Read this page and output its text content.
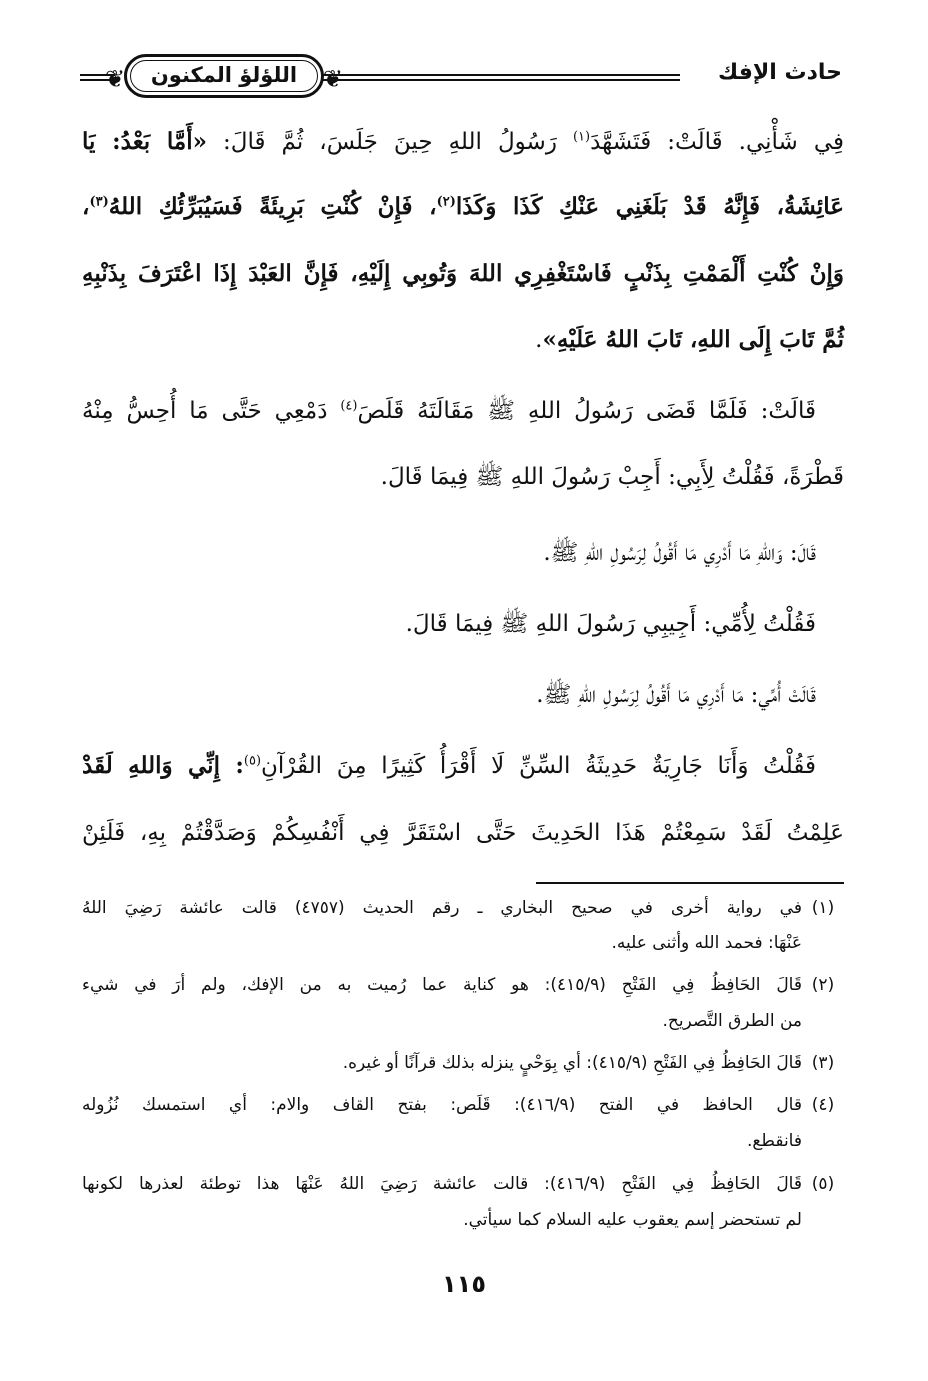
حادث الإفك
❦
اللؤلؤ المكنون
❦
فِي شَأْنِي. قَالَتْ: فَتَشَهَّدَ$^{(١)}$ رَسُولُ اللهِ حِينَ جَلَسَ، ثُمَّ قَالَ: «أَمَّا بَعْدُ: يَا
عَائِشَةُ، فَإِنَّهُ قَدْ بَلَغَنِي عَنْكِ كَذَا وَكَذَا$^{(٢)}$، فَإِنْ كُنْتِ بَرِيئَةً فَسَيُبَرِّئُكِ اللهُ$^{(٣)}$،
وَإِنْ كُنْتِ أَلْمَمْتِ بِذَنْبٍ فَاسْتَغْفِرِي اللهَ وَتُوبِي إِلَيْهِ، فَإِنَّ العَبْدَ إِذَا اعْتَرَفَ بِذَنْبِهِ
ثُمَّ تَابَ إِلَى اللهِ، تَابَ اللهُ عَلَيْهِ».
قَالَتْ: فَلَمَّا قَضَى رَسُولُ اللهِ ﷺ مَقَالَتَهُ قَلَصَ$^{(٤)}$ دَمْعِي حَتَّى مَا أُحِسُّ مِنْهُ
قَطْرَةً، فَقُلْتُ لِأَبِي: أَجِبْ رَسُولَ اللهِ ﷺ فِيمَا قَالَ.
قَالَ: وَاللهِ مَا أَدْرِي مَا أَقُولُ لِرَسُولِ اللهِ ﷺ.
فَقُلْتُ لِأُمِّي: أَجِيبِي رَسُولَ اللهِ ﷺ فِيمَا قَالَ.
قَالَتْ أُمِّي: مَا أَدْرِي مَا أَقُولُ لِرَسُولِ اللهِ ﷺ.
فَقُلْتُ وَأَنَا جَارِيَةٌ حَدِيثَةُ السِّنِّ لَا أَقْرَأُ كَثِيرًا مِنَ القُرْآنِ$^{(٥)}$: إِنِّي وَاللهِ لَقَدْ
عَلِمْتُ لَقَدْ سَمِعْتُمْ هَذَا الحَدِيثَ حَتَّى اسْتَقَرَّ فِي أَنْفُسِكُمْ وَصَدَّقْتُمْ بِهِ، فَلَئِنْ
(١)
في رواية أخرى في صحيح البخاري ـ رقم الحديث (٤٧٥٧) قالت عائشة رَضِيَ اللهُ
عَنْهَا: فحمد الله وأثنى عليه.
(٢)
قَالَ الحَافِظُ فِي الفَتْحِ (٤١٥/٩): هو كناية عما رُميت به من الإفك، ولم أرَ في شيء
من الطرق التَّصريح.
(٣)
قَالَ الحَافِظُ فِي الفَتْحِ (٤١٥/٩): أي بِوَحْيٍ ينزله بذلك قرآنًا أو غيره.
(٤)
قال الحافظ في الفتح (٤١٦/٩): قَلَص: بفتح القاف والام: أي استمسك نُزُوله
فانقطع.
(٥)
قَالَ الحَافِظُ فِي الفَتْحِ (٤١٦/٩): قالت عائشة رَضِيَ اللهُ عَنْهَا هذا توطئة لعذرها لكونها
لم تستحضر إسم يعقوب عليه السلام كما سيأتي.
١١٥
